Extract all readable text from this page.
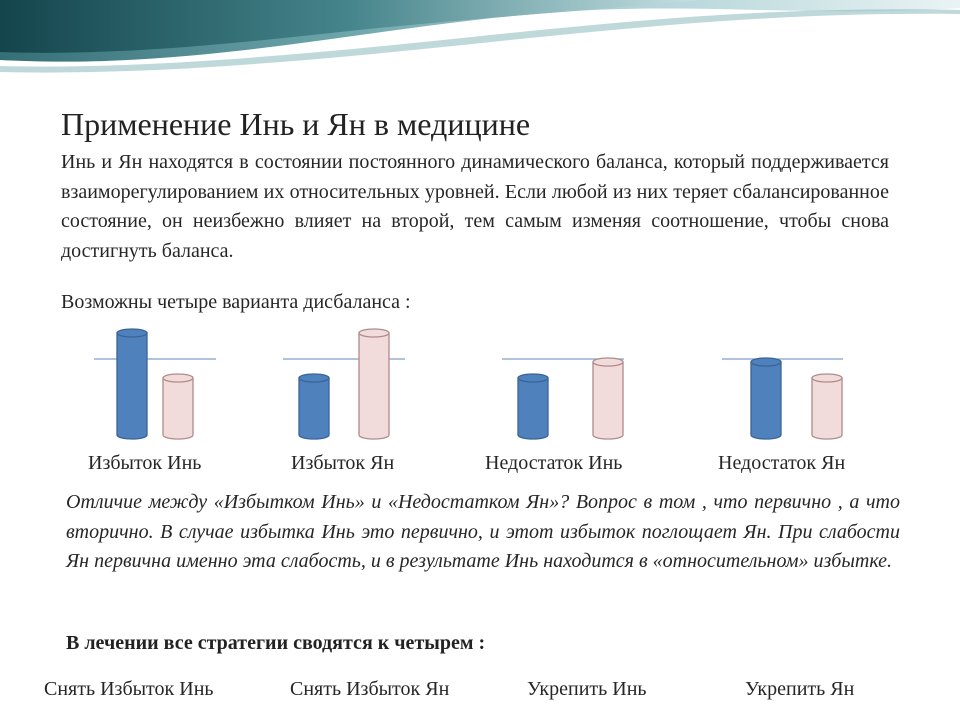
Применение Инь и Ян в медицине

Инь и Ян находятся в состоянии постоянного динамического баланса, который поддерживается взаиморегулированием их относительных уровней. Если любой из них теряет сбалансированное состояние, он неизбежно влияет на второй, тем самым изменяя соотношение, чтобы снова достигнуть баланса.

Возможны четыре варианта дисбаланса :
Избыток Инь	Избыток Ян	Недостаток Инь	Недостаток Ян

Отличие между «Избытком Инь» и «Недостатком Ян»? Вопрос в том , что первично , а что вторично. В случае избытка Инь это первично, и этот избыток поглощает Ян. При слабости Ян первична именно эта слабость, и в результате Инь находится в «относительном» избытке.

В лечении все стратегии сводятся к четырем :
Снять Избыток Инь	Снять Избыток Ян	Укрепить Инь	Укрепить Ян
